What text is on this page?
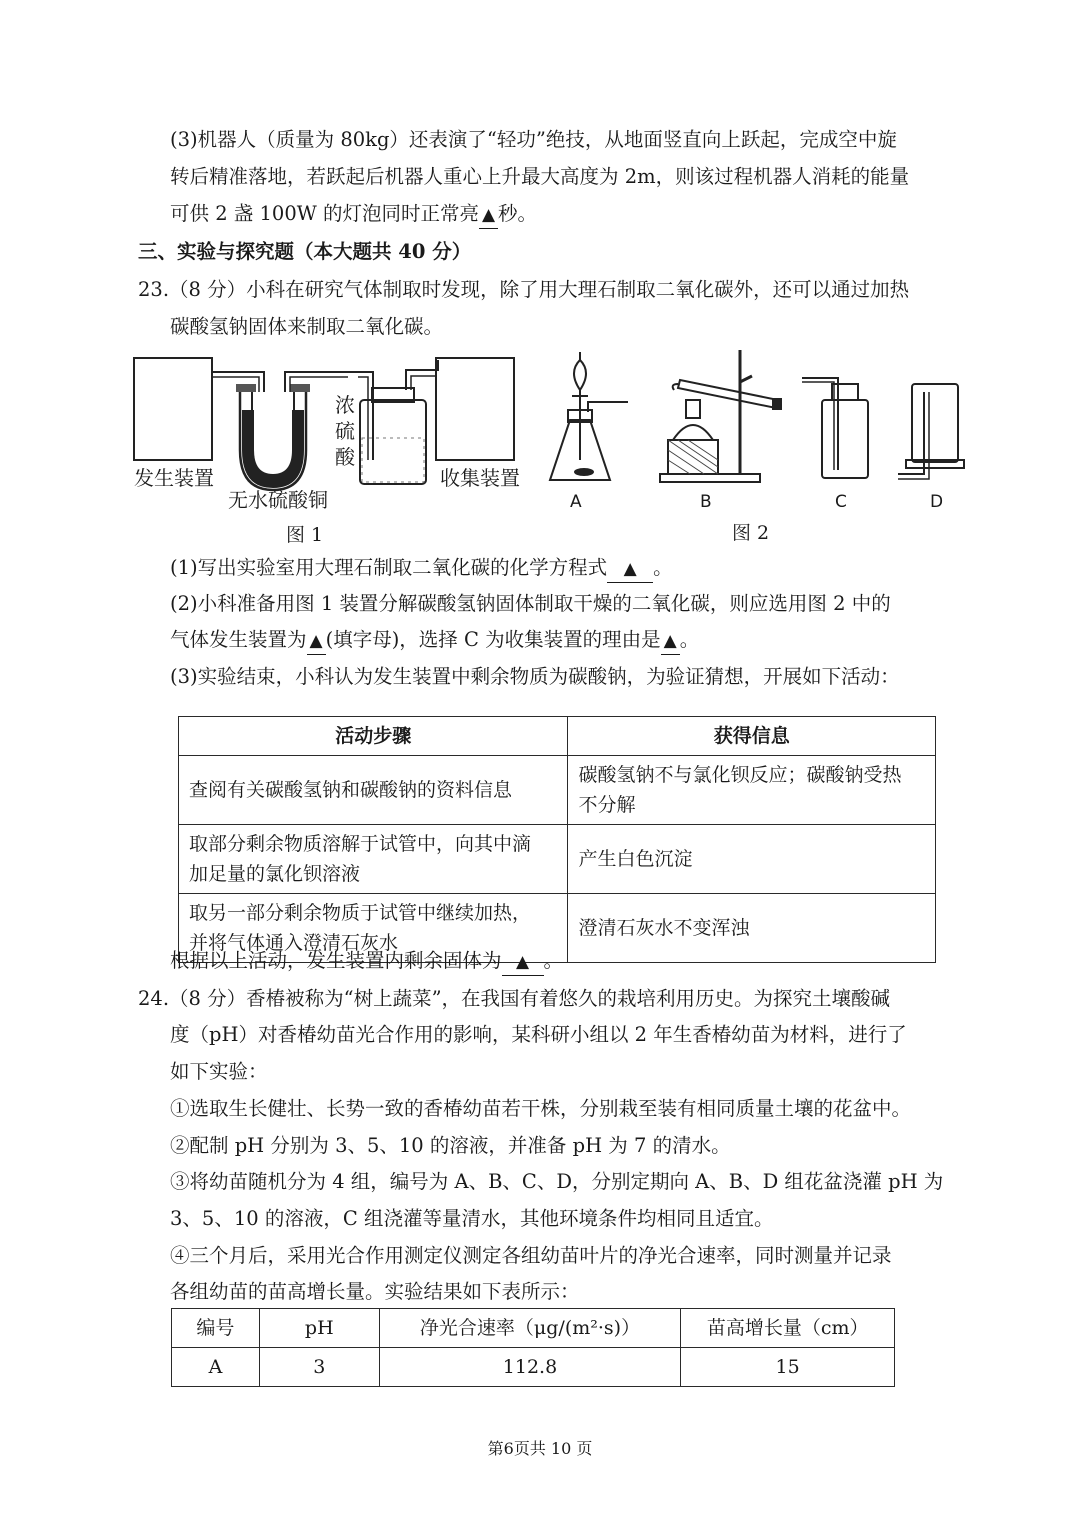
(3)机器人（质量为 80kg）还表演了“轻功”绝技，从地面竖直向上跃起，完成空中旋
转后精准落地，若跃起后机器人重心上升最大高度为 2m，则该过程机器人消耗的能量
可供 2 盏 100W 的灯泡同时正常亮 ▲ 秒。
三、实验与探究题（本大题共 40 分）
23.（8 分）小科在研究气体制取时发现，除了用大理石制取二氧化碳外，还可以通过加热
碳酸氢钠固体来制取二氧化碳。
发生装置
无水硫酸铜
浓
硫
酸
收集装置
图 1
A	B	C	D
图 2
(1)写出实验室用大理石制取二氧化碳的化学方程式 ▲ 。
(2)小科准备用图 1 装置分解碳酸氢钠固体制取干燥的二氧化碳，则应选用图 2 中的
气体发生装置为 ▲ (填字母)，选择 C 为收集装置的理由是 ▲ 。
(3)实验结束，小科认为发生装置中剩余物质为碳酸钠，为验证猜想，开展如下活动：
活动步骤	获得信息
查阅有关碳酸氢钠和碳酸钠的资料信息	碳酸氢钠不与氯化钡反应；碳酸钠受热
不分解

取部分剩余物质溶解于试管中，向其中滴
加足量的氯化钡溶液	产生白色沉淀

取另一部分剩余物质于试管中继续加热，
并将气体通入澄清石灰水	澄清石灰水不变浑浊
根据以上活动，发生装置内剩余固体为 ▲ 。
24.（8 分）香椿被称为“树上蔬菜”，在我国有着悠久的栽培利用历史。为探究土壤酸碱
度（pH）对香椿幼苗光合作用的影响，某科研小组以 2 年生香椿幼苗为材料，进行了
如下实验：
①选取生长健壮、长势一致的香椿幼苗若干株，分别栽至装有相同质量土壤的花盆中。
②配制 pH 分别为 3、5、10 的溶液，并准备 pH 为 7 的清水。
③将幼苗随机分为 4 组，编号为 A、B、C、D，分别定期向 A、B、D 组花盆浇灌 pH 为
3、5、10 的溶液，C 组浇灌等量清水，其他环境条件均相同且适宜。
④三个月后，采用光合作用测定仪测定各组幼苗叶片的净光合速率，同时测量并记录
各组幼苗的苗高增长量。实验结果如下表所示：
编号	pH	净光合速率（μg/(m²·s)）	苗高增长量（cm）
A	3	112.8	15
第6页共 10 页
